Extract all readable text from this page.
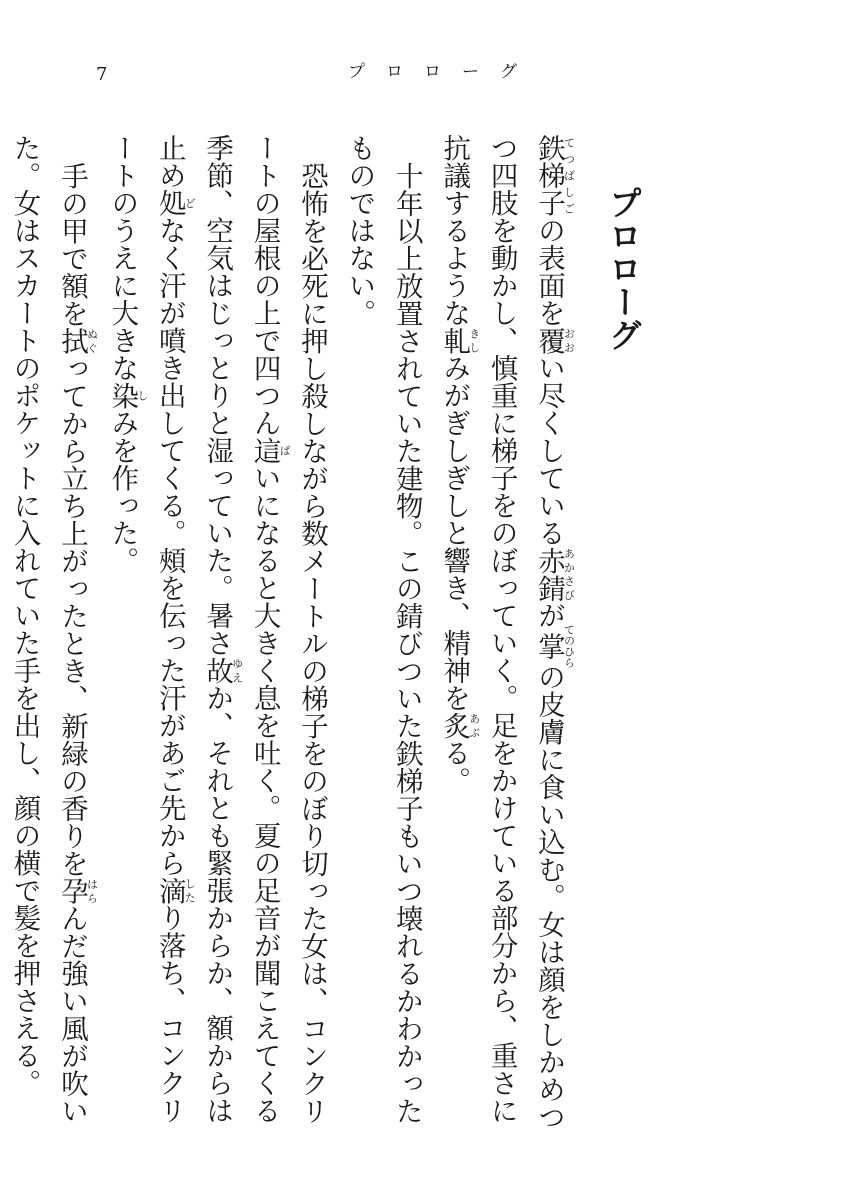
7	プロローグ
プロローグ

鉄梯子てつばしごの表面を覆おおい尽くしている赤錆あかさびが掌てのひらの皮膚に食い込む。女は顔をしかめつつ四肢を動かし、慎重に梯子をのぼっていく。足をかけている部分から、重さに抗議するような軋きしみがぎしぎしと響き、精神を炙あぶる。

十年以上放置されていた建物。この錆びついた鉄梯子もいつ壊れるかわかったものではない。

恐怖を必死に押し殺しながら数メートルの梯子をのぼり切った女は、コンクリートの屋根の上で四つん這ばいになると大きく息を吐く。夏の足音が聞こえてくる季節、空気はじっとりと湿っていた。暑さ故ゆえか、それとも緊張からか、額からは止め処どなく汗が噴き出してくる。頰を伝った汗があご先から滴したり落ち、コンクリートのうえに大きな染しみを作った。

手の甲で額を拭ぬぐってから立ち上がったとき、新緑の香りを孕はらんだ強い風が吹いた。女はスカートのポケットに入れていた手を出し、顔の横で髪を押さえる。
